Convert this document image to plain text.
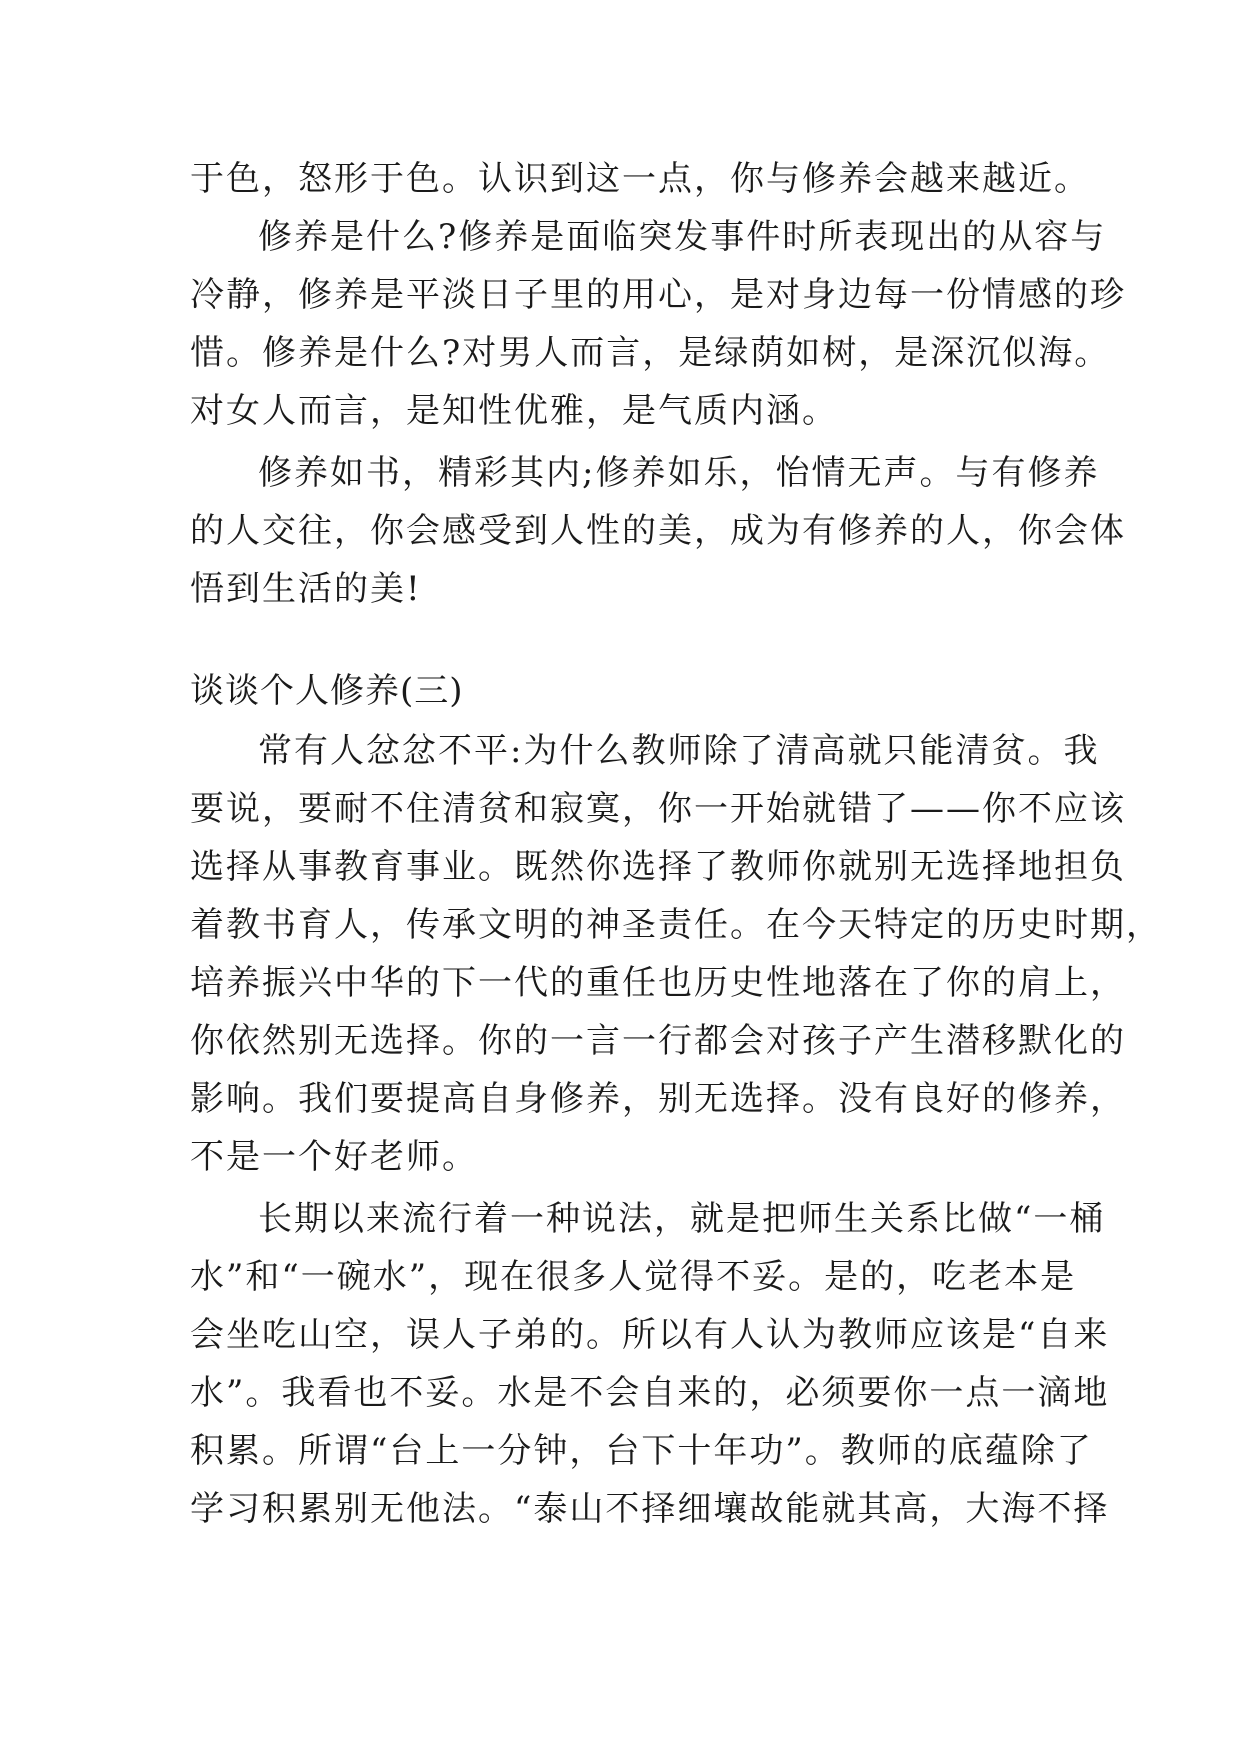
于色，怒形于色。认识到这一点，你与修养会越来越近。
修养是什么?修养是面临突发事件时所表现出的从容与
冷静，修养是平淡日子里的用心，是对身边每一份情感的珍
惜。修养是什么?对男人而言，是绿荫如树，是深沉似海。
对女人而言，是知性优雅，是气质内涵。
修养如书，精彩其内;修养如乐，怡情无声。与有修养
的人交往，你会感受到人性的美，成为有修养的人，你会体
悟到生活的美!
谈谈个人修养(三)
常有人忿忿不平:为什么教师除了清高就只能清贫。我
要说，要耐不住清贫和寂寞，你一开始就错了——你不应该
选择从事教育事业。既然你选择了教师你就别无选择地担负
着教书育人，传承文明的神圣责任。在今天特定的历史时期，
培养振兴中华的下一代的重任也历史性地落在了你的肩上，
你依然别无选择。你的一言一行都会对孩子产生潜移默化的
影响。我们要提高自身修养，别无选择。没有良好的修养，
不是一个好老师。
长期以来流行着一种说法，就是把师生关系比做“一桶
水”和“一碗水”，现在很多人觉得不妥。是的，吃老本是
会坐吃山空，误人子弟的。所以有人认为教师应该是“自来
水”。我看也不妥。水是不会自来的，必须要你一点一滴地
积累。所谓“台上一分钟，台下十年功”。教师的底蕴除了
学习积累别无他法。“泰山不择细壤故能就其高，大海不择
